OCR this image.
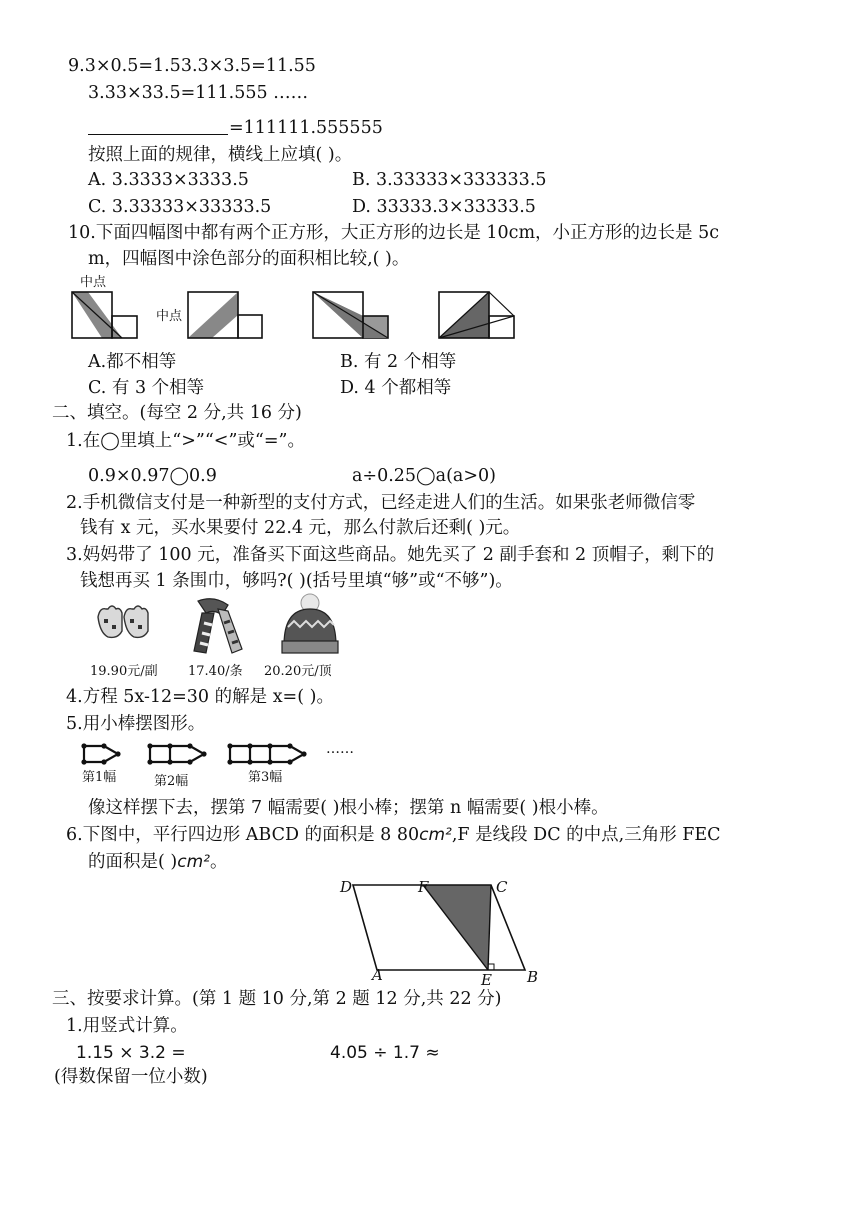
9.3×0.5=1.53.3×3.5=11.55
3.33×33.5=111.555 ……
=111111.555555
按照上面的规律，横线上应填( )。
A. 3.3333×3333.5	B. 3.33333×333333.5
C. 3.33333×33333.5	D. 33333.3×33333.5
10.下面四幅图中都有两个正方形，大正方形的边长是 10cm，小正方形的边长是 5c
m，四幅图中涂色部分的面积相比较,( )。
中点
中点
A.都不相等	B. 有 2 个相等
C. 有 3 个相等	D. 4 个都相等
二、填空。(每空 2 分,共 16 分)
1.在◯里填上“>”“<”或“=”。
0.9×0.97◯0.9	a÷0.25◯a(a>0)
2.手机微信支付是一种新型的支付方式，已经走进人们的生活。如果张老师微信零
钱有 x 元，买水果要付 22.4 元，那么付款后还剩( )元。
3.妈妈带了 100 元，准备买下面这些商品。她先买了 2 副手套和 2 顶帽子，剩下的
钱想再买 1 条围巾，够吗?( )(括号里填“够”或“不够”)。
19.90元/副 17.40/条 20.20元/顶
4.方程 5x-12=30 的解是 x=( )。
5.用小棒摆图形。
……
第1幅	第2幅	第3幅
像这样摆下去，摆第 7 幅需要( )根小棒；摆第 n 幅需要( )根小棒。
6.下图中，平行四边形 ABCD 的面积是 8 80cm²,F 是线段 DC 的中点,三角形 FEC
的面积是( )cm²。
D	F	C
A	E B
三、按要求计算。(第 1 题 10 分,第 2 题 12 分,共 22 分)
1.用竖式计算。
1.15 × 3.2 =	4.05 ÷ 1.7 ≈
(得数保留一位小数)
